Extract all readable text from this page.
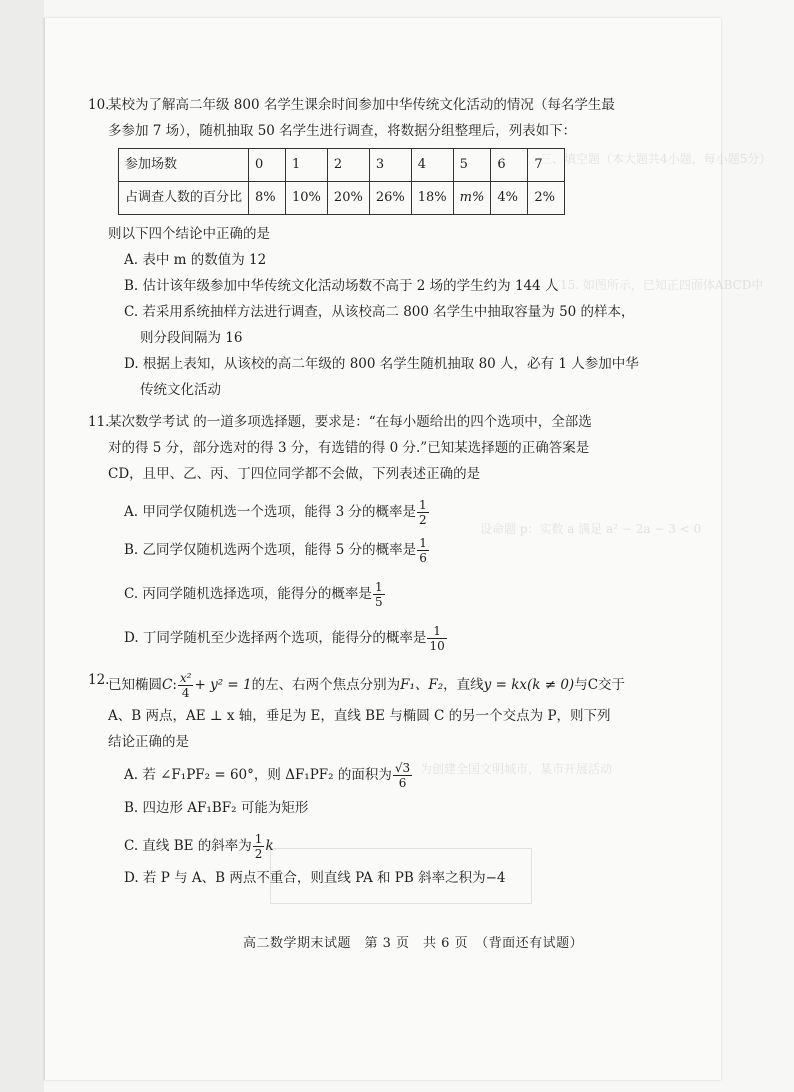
10.

某校为了解高二年级 800 名学生课余时间参加中华传统文化活动的情况（每名学生最

多参加 7 场），随机抽取 50 名学生进行调查，将数据分组整理后，列表如下：

参加场数	0	1	2	3	4	5	6	7
占调查人数的百分比	8%	10%	20%	26%	18%	m%	4%	2%

则以下四个结论中正确的是

A. 表中 m 的数值为 12

B. 估计该年级参加中华传统文化活动场数不高于 2 场的学生约为 144 人

C. 若采用系统抽样方法进行调查，从该校高二 800 名学生中抽取容量为 50 的样本，

则分段间隔为 16

D. 根据上表知，从该校的高二年级的 800 名学生随机抽取 80 人，必有 1 人参加中华

传统文化活动

11.

某次数学考试 的一道多项选择题，要求是：“在每小题给出的四个选项中，全部选

对的得 5 分，部分选对的得 3 分，有选错的得 0 分.”已知某选择题的正确答案是

CD，且甲、乙、丙、丁四位同学都不会做，下列表述正确的是

A. 甲同学仅随机选一个选项，能得 3 分的概率是 $\frac{1}{2}$

B. 乙同学仅随机选两个选项，能得 5 分的概率是 $\frac{1}{6}$

C. 丙同学随机选择选项，能得分的概率是 $\frac{1}{5}$

D. 丁同学随机至少选择两个选项，能得分的概率是 $\frac{1}{10}$

12.

已知椭圆C: $\frac{\text{x²}}{4} + y^2 = 1$的左、右两个焦点分别为F₁、F₂，直线y = kx(k ≠ 0)与C交于

A、B 两点，AE ⊥ x 轴，垂足为 E，直线 BE 与椭圆 C 的另一个交点为 P，则下列

结论正确的是

A. 若 ∠F₁PF₂ = 60°，则 ΔF₁PF₂ 的面积为 $\frac{√3}{6}$

B. 四边形 AF₁BF₂ 可能为矩形

C. 直线 BE 的斜率为 $\frac{1}{2}$ k

D. 若 P 与 A、B 两点不重合，则直线 PA 和 PB 斜率之积为−4

高二数学期末试题　第 3 页　共 6 页　（背面还有试题）
